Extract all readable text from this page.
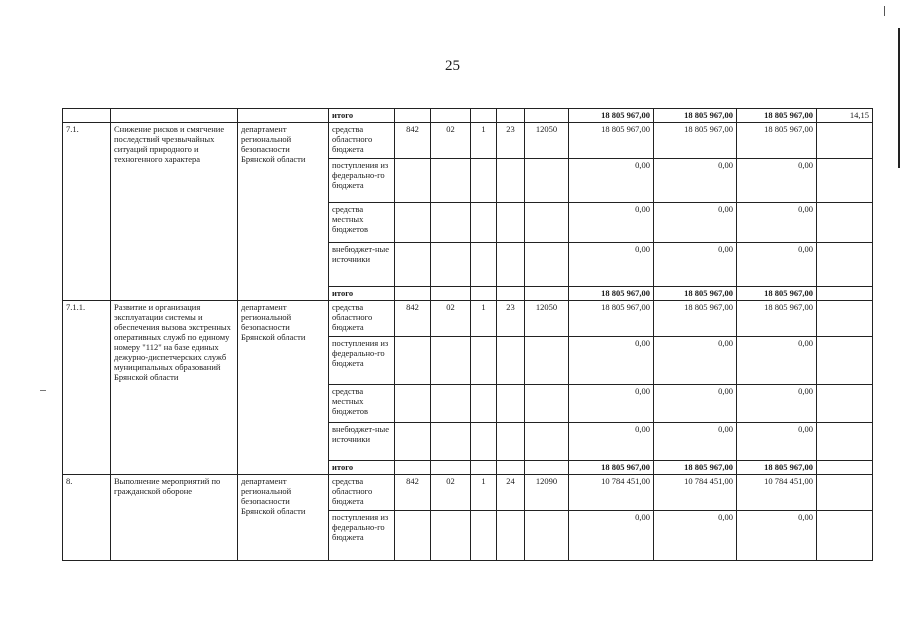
25
			итого						18 805 967,00	18 805 967,00	18 805 967,00	14,15
7.1.	Снижение рисков и смягчение последствий чрезвычайных ситуаций природного и техногенного характера	департамент региональной безопасности Брянской области	средства областного бюджета	842	02	1	23	12050	18 805 967,00	18 805 967,00	18 805 967,00	
			поступления из федерально-го бюджета						0,00	0,00	0,00	
			средства местных бюджетов						0,00	0,00	0,00	
			внебюджет-ные источники						0,00	0,00	0,00	
			итого						18 805 967,00	18 805 967,00	18 805 967,00	
7.1.1.	Развитие и организация эксплуатации системы и обеспечения вызова экстренных оперативных служб по единому номеру "112" на базе единых дежурно-диспетчерских служб муниципальных образований Брянской области	департамент региональной безопасности Брянской области	средства областного бюджета	842	02	1	23	12050	18 805 967,00	18 805 967,00	18 805 967,00	
			поступления из федерально-го бюджета						0,00	0,00	0,00	
			средства местных бюджетов						0,00	0,00	0,00	
			внебюджет-ные источники						0,00	0,00	0,00	
			итого						18 805 967,00	18 805 967,00	18 805 967,00	
8.	Выполнение мероприятий по гражданской обороне	департамент региональной безопасности Брянской области	средства областного бюджета	842	02	1	24	12090	10 784 451,00	10 784 451,00	10 784 451,00	
			поступления из федерально-го бюджета						0,00	0,00	0,00	
